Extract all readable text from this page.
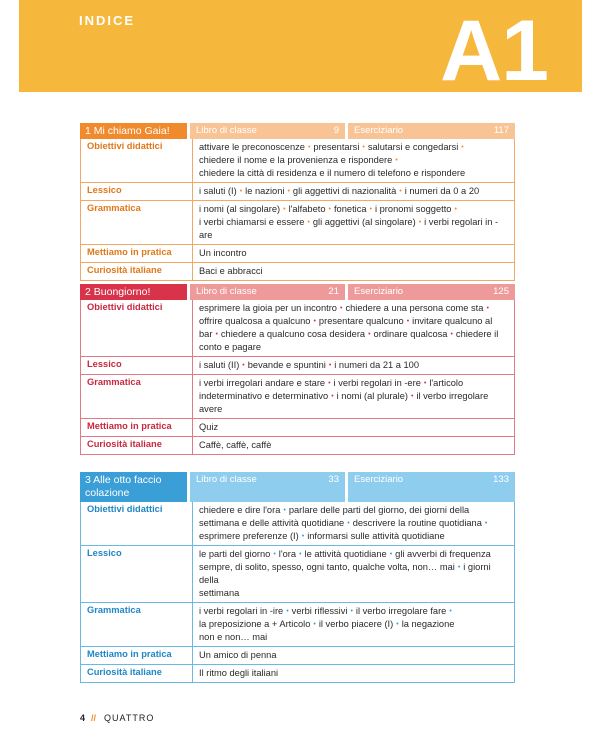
INDICE	A1
1 Mi chiamo Gaia!	Libro di classe	9 Eserciziario	117
Obiettivi didattici	attivare le preconoscenze • presentarsi • salutarsi e congedarsi •
chiedere il nome e la provenienza e rispondere •
chiedere la città di residenza e il numero di telefono e rispondere
Lessico	i saluti (I) • le nazioni • gli aggettivi di nazionalità • i numeri da 0 a 20
Grammatica	i nomi (al singolare) • l'alfabeto • fonetica • i pronomi soggetto •
i verbi chiamarsi e essere • gli aggettivi (al singolare) • i verbi regolari in -are
Mettiamo in pratica	Un incontro
Curiosità italiane	Baci e abbracci
2 Buongiorno!	Libro di classe	21 Eserciziario	125
Obiettivi didattici	esprimere la gioia per un incontro • chiedere a una persona come sta •
offrire qualcosa a qualcuno • presentare qualcuno • invitare qualcuno al
bar • chiedere a qualcuno cosa desidera • ordinare qualcosa • chiedere il
conto e pagare
Lessico	i saluti (II) • bevande e spuntini • i numeri da 21 a 100
Grammatica	i verbi irregolari andare e stare • i verbi regolari in -ere • l'articolo
indeterminativo e determinativo • i nomi (al plurale) • il verbo irregolare
avere
Mettiamo in pratica	Quiz
Curiosità italiane	Caffè, caffè, caffè
3 Alle otto faccio colazione
Libro di classe	33 Eserciziario	133
Obiettivi didattici	chiedere e dire l'ora • parlare delle parti del giorno, dei giorni della
settimana e delle attività quotidiane • descrivere la routine quotidiana •
esprimere preferenze (I) • informarsi sulle attività quotidiane
Lessico	le parti del giorno • l'ora • le attività quotidiane • gli avverbi di frequenza
sempre, di solito, spesso, ogni tanto, qualche volta, non… mai • i giorni della
settimana
Grammatica	i verbi regolari in -ire • verbi riflessivi • il verbo irregolare fare •
la preposizione a + Articolo • il verbo piacere (I) • la negazione
non e non… mai
Mettiamo in pratica	Un amico di penna
Curiosità italiane	Il ritmo degli italiani
4 // QUATTRO
